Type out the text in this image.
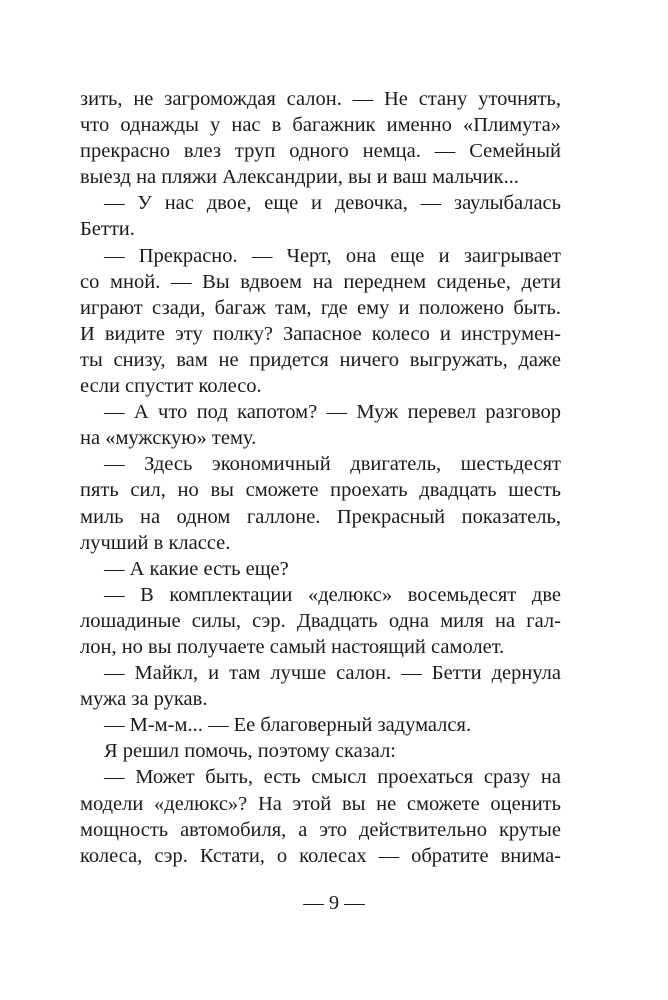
зить, не загромождая салон. — Не стану уточнять,
что однажды у нас в багажник именно «Плимута»
прекрасно влез труп одного немца. — Семейный
выезд на пляжи Александрии, вы и ваш мальчик...
— У нас двое, еще и девочка, — заулыбалась
Бетти.
— Прекрасно. — Черт, она еще и заигрывает
со мной. — Вы вдвоем на переднем сиденье, дети
играют сзади, багаж там, где ему и положено быть.
И видите эту полку? Запасное колесо и инструмен-
ты снизу, вам не придется ничего выгружать, даже
если спустит колесо.
— А что под капотом? — Муж перевел разговор
на «мужскую» тему.
— Здесь экономичный двигатель, шестьдесят
пять сил, но вы сможете проехать двадцать шесть
миль на одном галлоне. Прекрасный показатель,
лучший в классе.
— А какие есть еще?
— В комплектации «делюкс» восемьдесят две
лошадиные силы, сэр. Двадцать одна миля на гал-
лон, но вы получаете самый настоящий самолет.
— Майкл, и там лучше салон. — Бетти дернула
мужа за рукав.
— М-м-м... — Ее благоверный задумался.
Я решил помочь, поэтому сказал:
— Может быть, есть смысл проехаться сразу на
модели «делюкс»? На этой вы не сможете оценить
мощность автомобиля, а это действительно крутые
колеса, сэр. Кстати, о колесах — обратите внима-
— 9 —
